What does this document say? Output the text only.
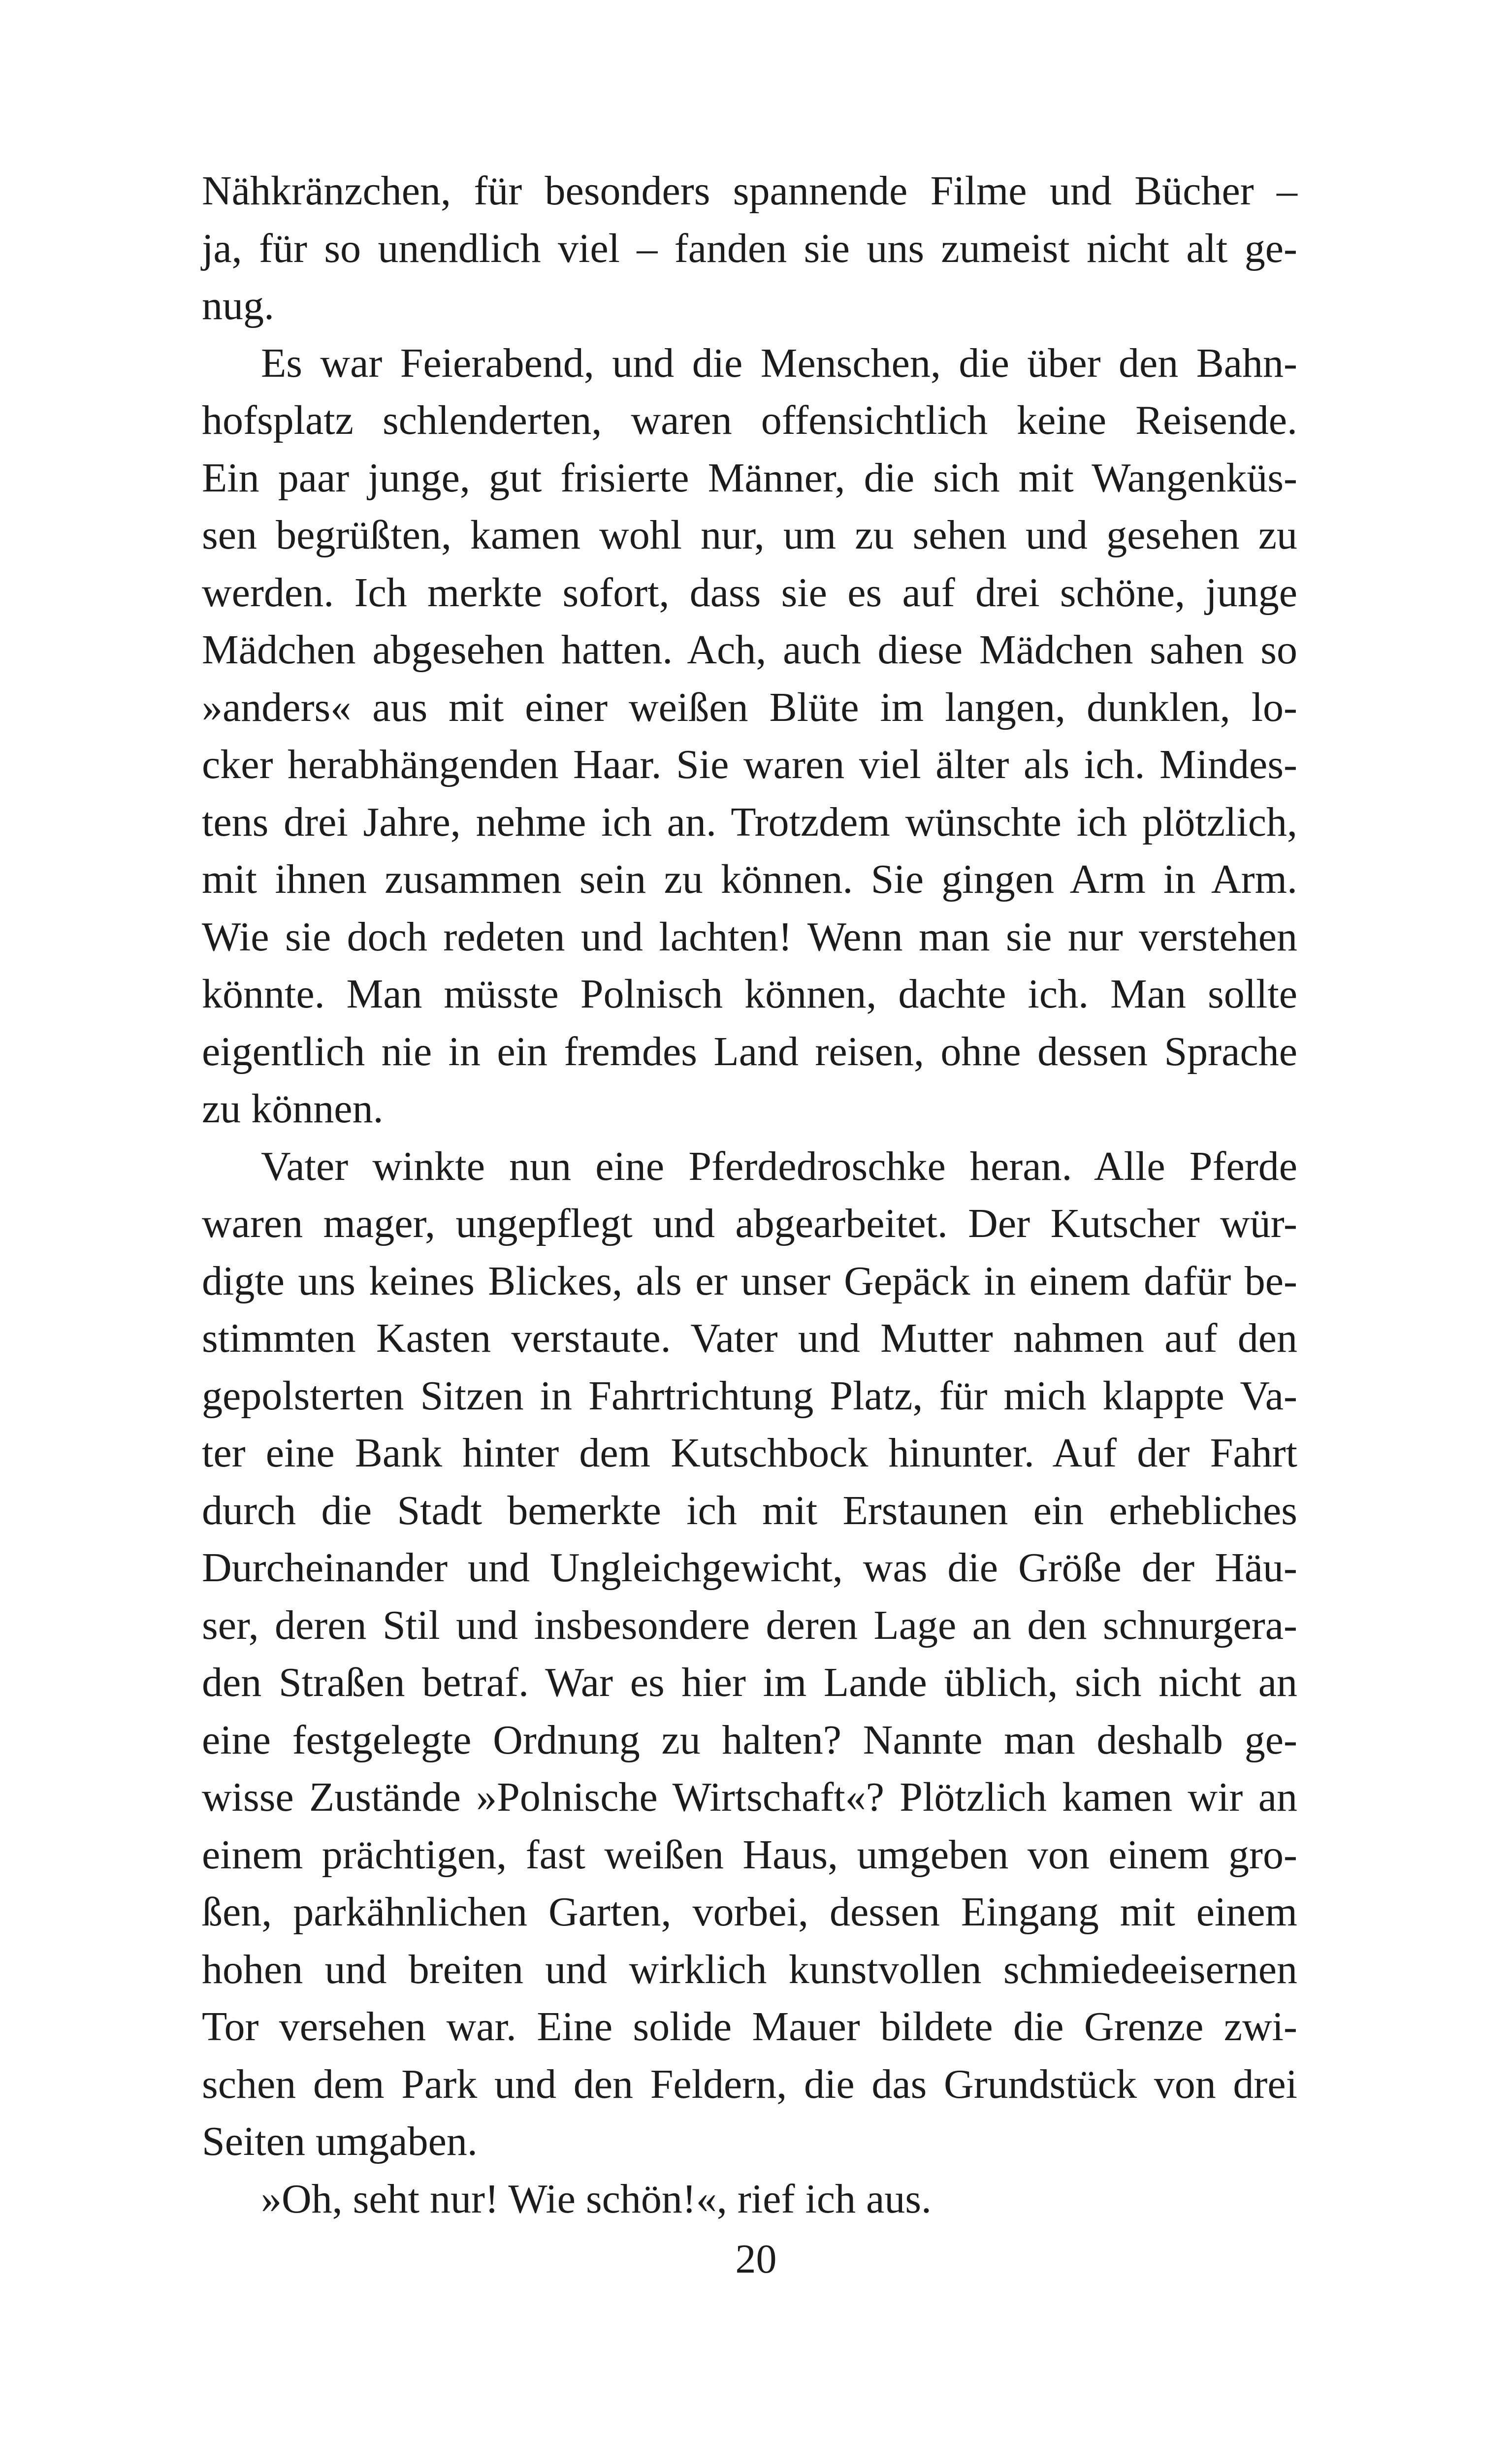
Nähkränzchen, für besonders spannende Filme und Bücher –
ja, für so unendlich viel – fanden sie uns zumeist nicht alt ge-
nug.
Es war Feierabend, und die Menschen, die über den Bahn-
hofsplatz schlenderten, waren offensichtlich keine Reisende.
Ein paar junge, gut frisierte Männer, die sich mit Wangenküs-
sen begrüßten, kamen wohl nur, um zu sehen und gesehen zu
werden. Ich merkte sofort, dass sie es auf drei schöne, junge
Mädchen abgesehen hatten. Ach, auch diese Mädchen sahen so
»anders« aus mit einer weißen Blüte im langen, dunklen, lo-
cker herabhängenden Haar. Sie waren viel älter als ich. Mindes-
tens drei Jahre, nehme ich an. Trotzdem wünschte ich plötzlich,
mit ihnen zusammen sein zu können. Sie gingen Arm in Arm.
Wie sie doch redeten und lachten! Wenn man sie nur verstehen
könnte. Man müsste Polnisch können, dachte ich. Man sollte
eigentlich nie in ein fremdes Land reisen, ohne dessen Sprache
zu können.
Vater winkte nun eine Pferdedroschke heran. Alle Pferde
waren mager, ungepflegt und abgearbeitet. Der Kutscher wür-
digte uns keines Blickes, als er unser Gepäck in einem dafür be-
stimmten Kasten verstaute. Vater und Mutter nahmen auf den
gepolsterten Sitzen in Fahrtrichtung Platz, für mich klappte Va-
ter eine Bank hinter dem Kutschbock hinunter. Auf der Fahrt
durch die Stadt bemerkte ich mit Erstaunen ein erhebliches
Durcheinander und Ungleichgewicht, was die Größe der Häu-
ser, deren Stil und insbesondere deren Lage an den schnurgera-
den Straßen betraf. War es hier im Lande üblich, sich nicht an
eine festgelegte Ordnung zu halten? Nannte man deshalb ge-
wisse Zustände »Polnische Wirtschaft«? Plötzlich kamen wir an
einem prächtigen, fast weißen Haus, umgeben von einem gro-
ßen, parkähnlichen Garten, vorbei, dessen Eingang mit einem
hohen und breiten und wirklich kunstvollen schmiedeeisernen
Tor versehen war. Eine solide Mauer bildete die Grenze zwi-
schen dem Park und den Feldern, die das Grundstück von drei
Seiten umgaben.
»Oh, seht nur! Wie schön!«, rief ich aus.
20
